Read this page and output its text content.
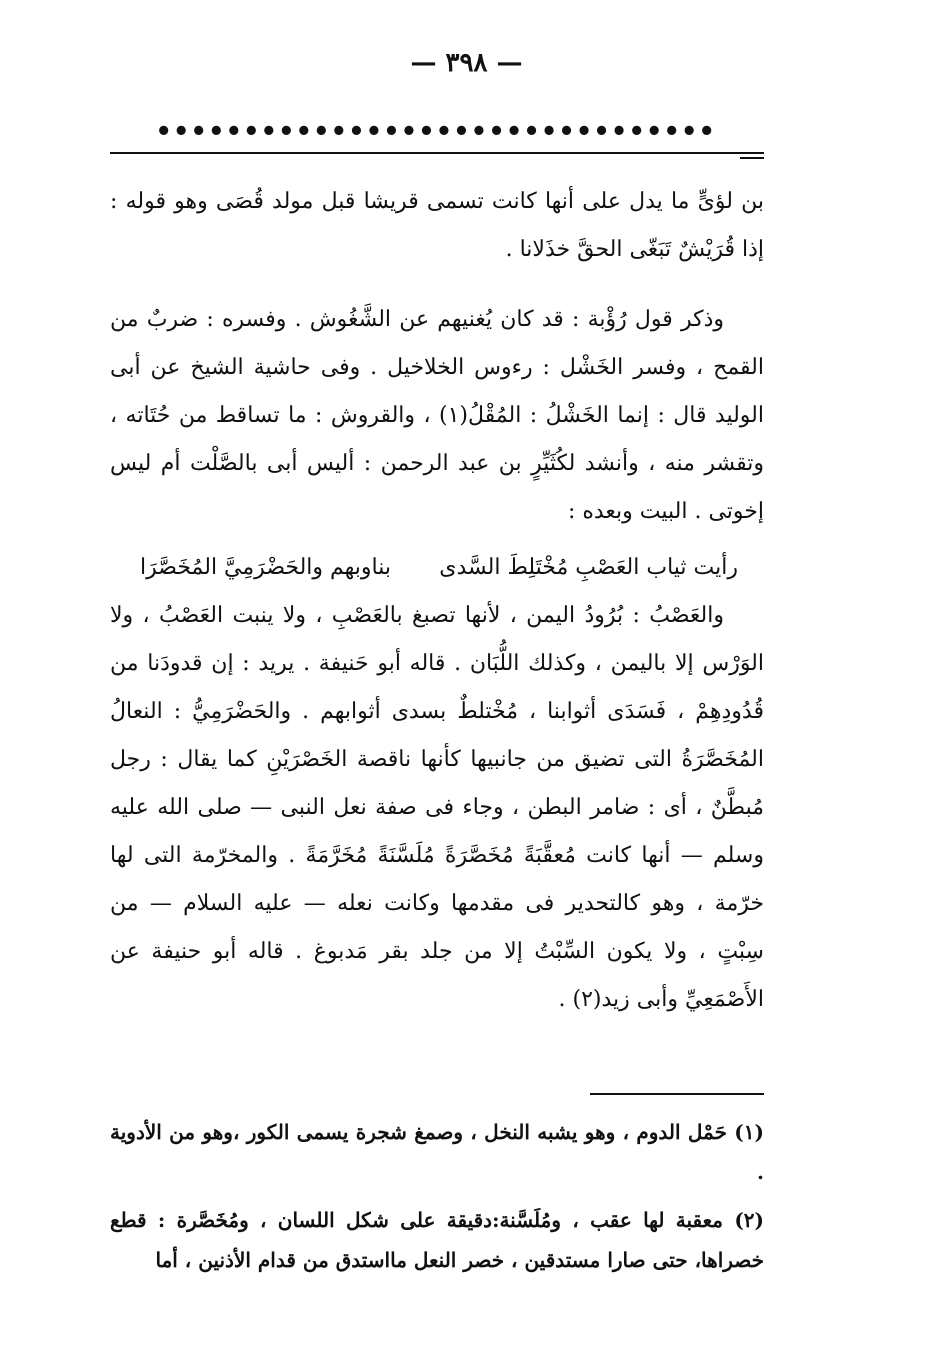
— ٣٩٨ —
•
•
•
•
•
•
•
•
•
•
•
•
•
•
•
•
•
•
•
•
•
•
•
•
•
•
•
•
•
•
•
•

بن لؤىٍّ ما يدل على أنها كانت تسمى قريشا قبل مولد قُصَى وهو قوله : إذا قُرَيْشٌ تَبَغّى الحقَّ خذَلانا .

وذكر قول رُؤْبة : قد كان يُغنيهم عن الشَّغُوش . وفسره : ضربٌ من القمح ، وفسر الخَشْل : رءوس الخلاخيل . وفى حاشية الشيخ عن أبى الوليد قال : إنما الخَشْلُ : المُقْلُ(١) ، والقروش : ما تساقط من حُتَاته ، وتقشر منه ، وأنشد لكُثَيِّرٍ بن عبد الرحمن : أليس أبى بالصَّلْت أم ليس إخوتى . البيت وبعده :

رأيت ثياب العَصْبِ مُخْتَلِطَ السَّدى
بناوبهم والحَضْرَمِيَّ المُخَصَّرَا

والعَصْبُ : بُرُودُ اليمن ، لأنها تصبغ بالعَصْبِ ، ولا ينبت العَصْبُ ، ولا الوَرْس إلا باليمن ، وكذلك اللُّبَان . قاله أبو حَنيفة . يريد : إن قدودَنا من قُدُودِهِمْ ، فَسَدَى أثوابنا ، مُخْتلطٌ بسدى أثوابهم . والحَضْرَمِيُّ : النعالُ المُخَصَّرَةُ التى تضيق من جانبيها كأنها ناقصة الخَصْرَيْنِ كما يقال : رجل مُبطَّنٌ ، أى : ضامر البطن ، وجاء فى صفة نعل النبى — صلى الله عليه وسلم — أنها كانت مُعقَّبَةً مُخَصَّرَةً مُلَسَّنَةً مُخَرَّمَةً . والمخرّمة التى لها خرّمة ، وهو كالتحدير فى مقدمها وكانت نعله — عليه السلام — من سِبْتٍ ، ولا يكون السِّبْتُ إلا من جلد بقر مَدبوغ . قاله أبو حنيفة عن الأَصْمَعِيِّ وأبى زيد(٢) .

(١) حَمْل الدوم ، وهو يشبه النخل ، وصمغ شجرة يسمى الكور ،وهو من الأدوية .

(٢) معقبة لها عقب ، ومُلَسَّنة:دقيقة على شكل اللسان ، ومُخَصَّرة : قطع خصراها، حتى صارا مستدقين ، خصر النعل مااستدق من قدام الأذنين ، أما
